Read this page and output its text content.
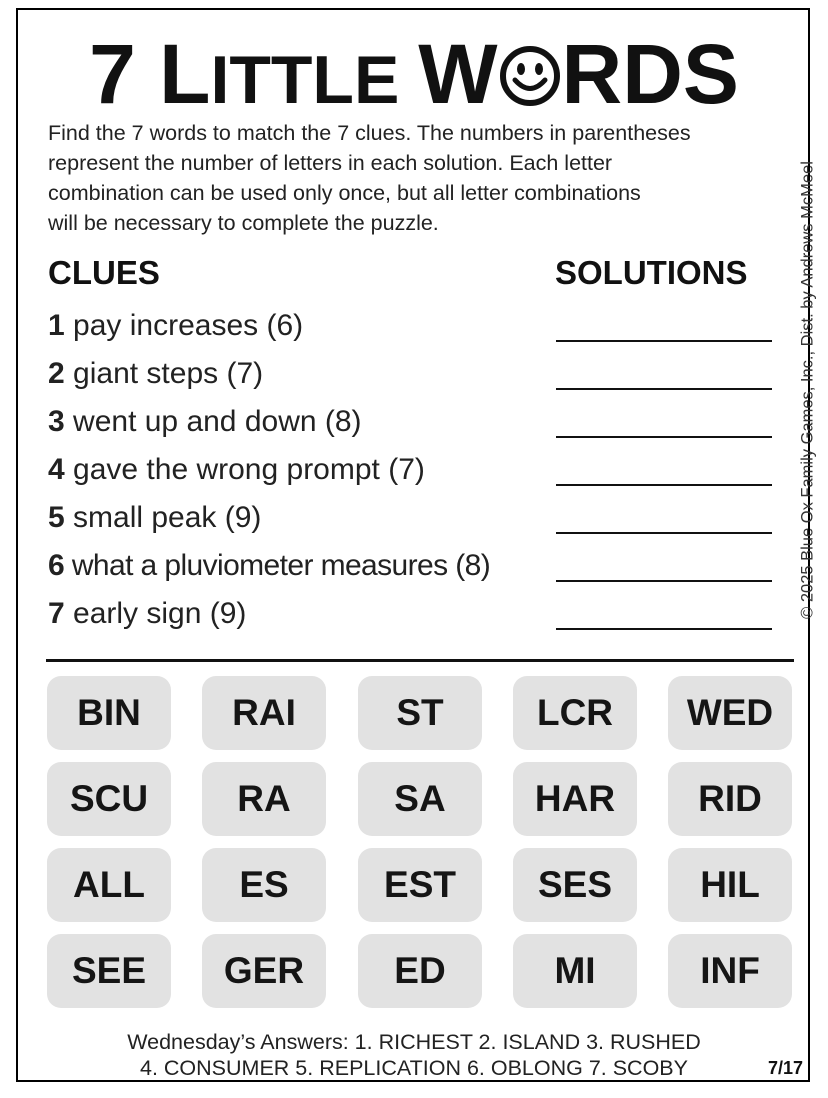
7 LITTLE W RDS
Find the 7 words to match the 7 clues. The numbers in parentheses
represent the number of letters in each solution. Each letter
combination can be used only once, but all letter combinations
will be necessary to complete the puzzle.
CLUES	SOLUTIONS
1 pay increases (6)
2 giant steps (7)
3 went up and down (8)
4 gave the wrong prompt (7)
5 small peak (9)
6 what a pluviometer measures (8)
7 early sign (9)	© 2025 Blue Ox Family Games, Inc., Dist. by Andrews McMeel
BIN	RAI	ST	LCR	WED
SCU	RA	SA	HAR	RID
ALL	ES	EST	SES	HIL
SEE	GER	ED	MI	INF
Wednesday’s Answers: 1. RICHEST 2. ISLAND 3. RUSHED
4. CONSUMER 5. REPLICATION 6. OBLONG 7. SCOBY	7/17
